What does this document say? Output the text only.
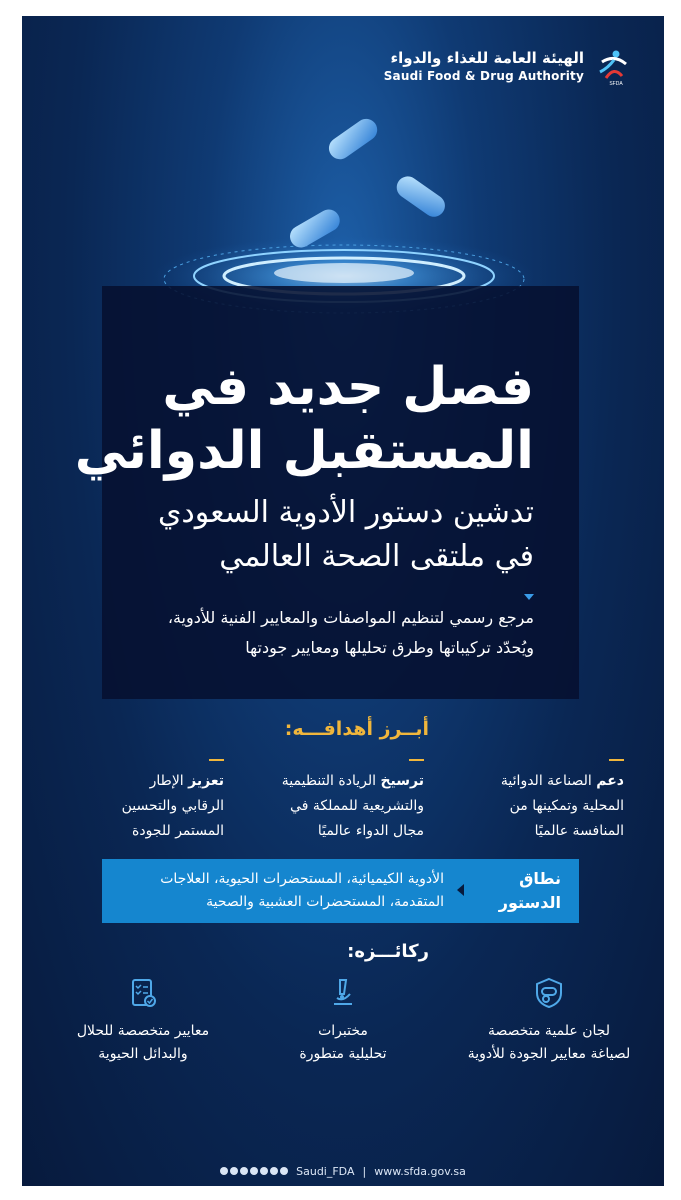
الهيئة العامة للغذاء والدواء
Saudi Food & Drug Authority
SFDA
فصل جديد في
المستقبل الدوائي
تدشين دستور الأدوية السعودي
في ملتقى الصحة العالمي
مرجع رسمي لتنظيم المواصفات والمعايير الفنية للأدوية،
ويُحدّد تركيباتها وطرق تحليلها ومعايير جودتها
أبــرز أهدافـــه:
دعم الصناعة الدوائية
المحلية وتمكينها من
المنافسة عالميًا
ترسيخ الريادة التنظيمية
والتشريعية للمملكة في
مجال الدواء عالميًا
تعزيز الإطار
الرقابي والتحسين
المستمر للجودة
نطاق
الدستور
الأدوية الكيميائية، المستحضرات الحيوية، العلاجات
المتقدمة، المستحضرات العشبية والصحية
ركائـــزه:
لجان علمية متخصصة
لصياغة معايير الجودة للأدوية
مختبرات
تحليلية متطورة
معايير متخصصة للحلال
والبدائل الحيوية
Saudi_FDA | www.sfda.gov.sa
